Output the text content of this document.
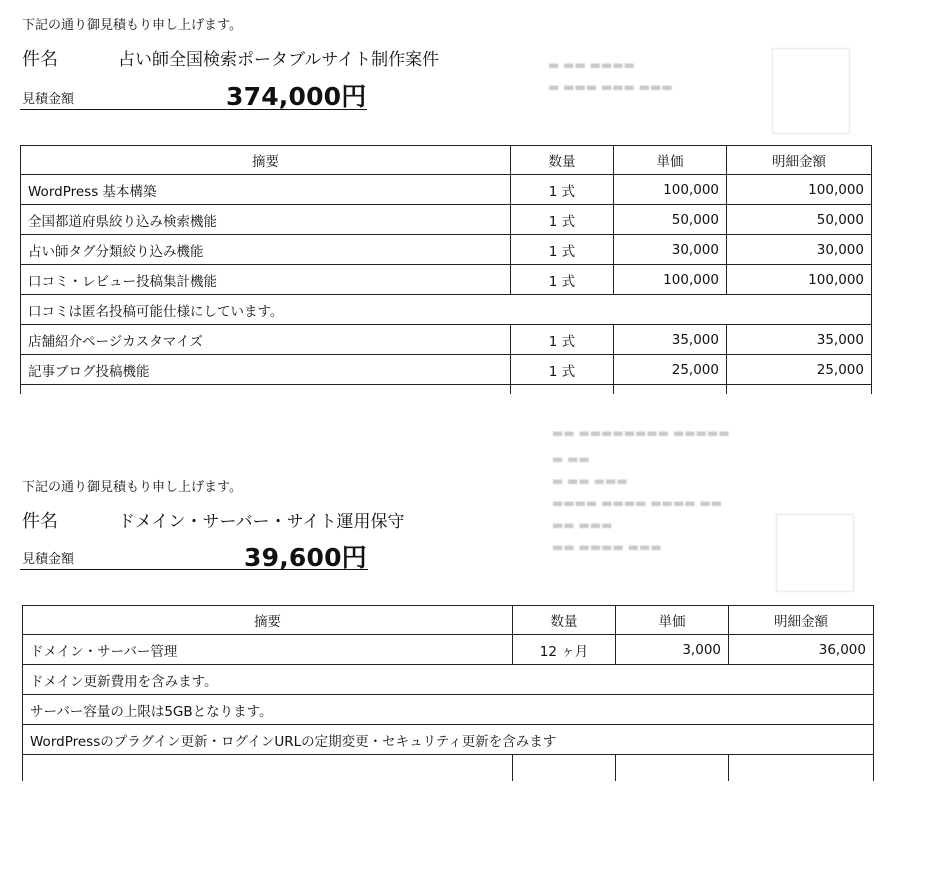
下記の通り御見積もり申し上げます。
件名	占い師全国検索ポータブルサイト制作案件
見積金額	374,000円
▬ ▬▬ ▬▬▬▬
▬ ▬▬▬ ▬▬▬ ▬▬▬
摘要	数量	単価	明細金額
WordPress 基本構築	1 式	100,000	100,000
全国都道府県絞り込み検索機能	1 式	50,000	50,000
占い師タグ分類絞り込み機能	1 式	30,000	30,000
口コミ・レビュー投稿集計機能	1 式	100,000	100,000
口コミは匿名投稿可能仕様にしています。			
店舗紹介ページカスタマイズ	1 式	35,000	35,000
記事ブログ投稿機能	1 式	25,000	25,000

▬▬ ▬▬▬▬▬▬▬▬ ▬▬▬▬▬
▬ ▬▬
▬ ▬▬ ▬▬▬
▬▬▬▬ ▬▬▬▬ ▬▬▬▬ ▬▬
▬▬ ▬▬▬
▬▬ ▬▬▬▬ ▬▬▬
下記の通り御見積もり申し上げます。
件名	ドメイン・サーバー・サイト運用保守
見積金額	39,600円
摘要	数量	単価	明細金額
ドメイン・サーバー管理	12 ヶ月	3,000	36,000
ドメイン更新費用を含みます。			
サーバー容量の上限は5GBとなります。			
WordPressのプラグイン更新・ログインURLの定期変更・セキュリティ更新を含みます			
